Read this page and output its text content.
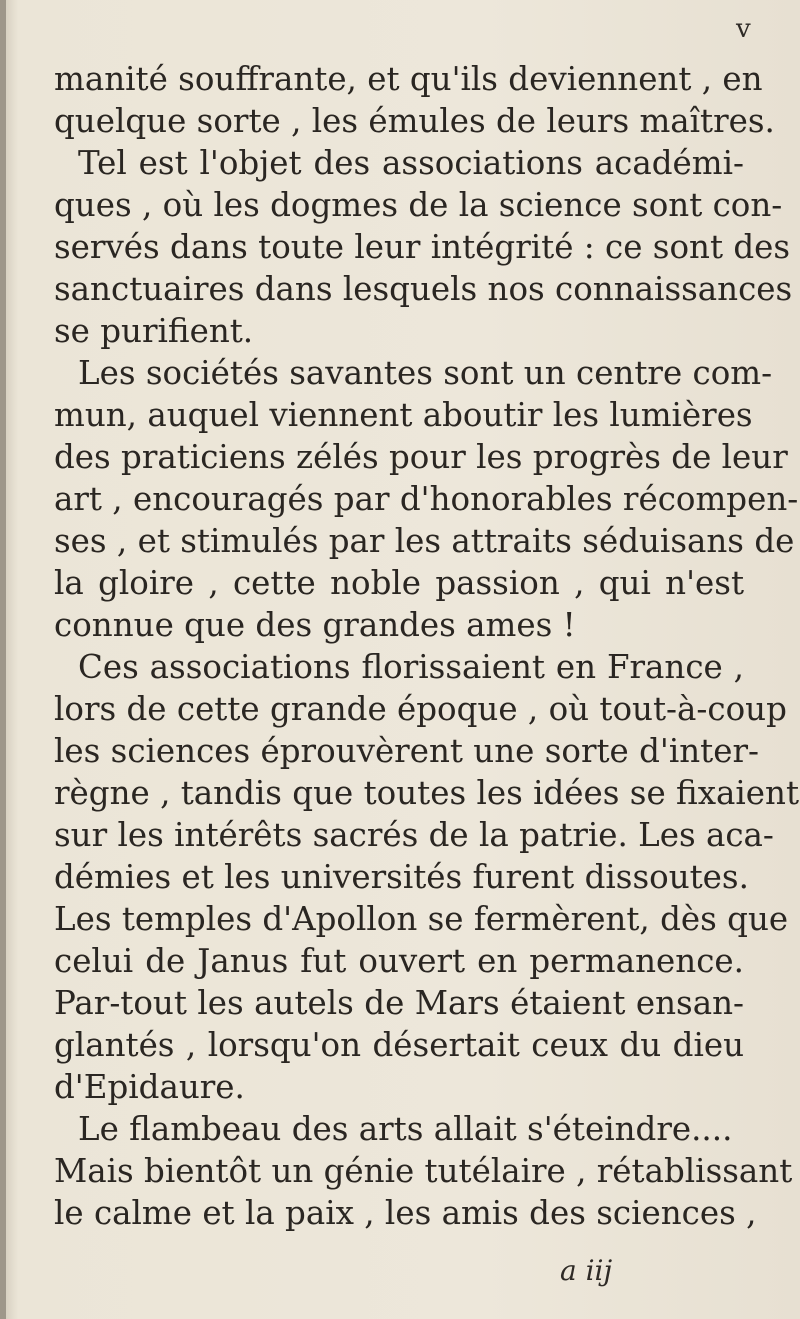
v
manité souffrante, et qu'ils deviennent , en
quelque sorte , les émules de leurs maîtres.
Tel est l'objet des associations académi-
ques , où les dogmes de la science sont con-
servés dans toute leur intégrité : ce sont des
sanctuaires dans lesquels nos connaissances
se purifient.
Les sociétés savantes sont un centre com-
mun, auquel viennent aboutir les lumières
des praticiens zélés pour les progrès de leur
art , encouragés par d'honorables récompen-
ses , et stimulés par les attraits séduisans de
la gloire , cette noble passion , qui n'est
connue que des grandes ames !
Ces associations florissaient en France ,
lors de cette grande époque , où tout-à-coup
les sciences éprouvèrent une sorte d'inter-
règne , tandis que toutes les idées se fixaient
sur les intérêts sacrés de la patrie. Les aca-
démies et les universités furent dissoutes.
Les temples d'Apollon se fermèrent, dès que
celui de Janus fut ouvert en permanence.
Par-tout les autels de Mars étaient ensan-
glantés , lorsqu'on désertait ceux du dieu
d'Epidaure.
Le flambeau des arts allait s'éteindre....
Mais bientôt un génie tutélaire , rétablissant
le calme et la paix , les amis des sciences ,
a iij
